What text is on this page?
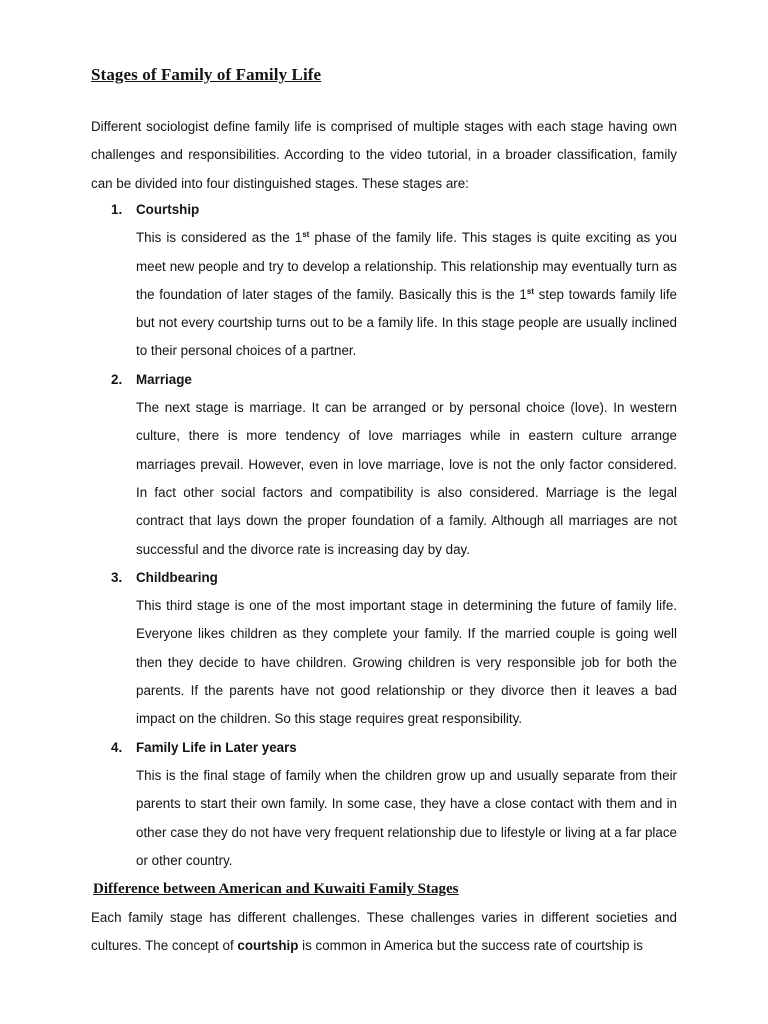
Stages of Family of Family Life

Different sociologist define family life is comprised of multiple stages with each stage having own challenges and responsibilities. According to the video tutorial, in a broader classification, family can be divided into four distinguished stages. These stages are:

1. Courtship

This is considered as the 1st phase of the family life. This stages is quite exciting as you meet new people and try to develop a relationship. This relationship may eventually turn as the foundation of later stages of the family. Basically this is the 1st step towards family life but not every courtship turns out to be a family life. In this stage people are usually inclined to their personal choices of a partner.

2. Marriage

The next stage is marriage. It can be arranged or by personal choice (love). In western culture, there is more tendency of love marriages while in eastern culture arrange marriages prevail. However, even in love marriage, love is not the only factor considered. In fact other social factors and compatibility is also considered. Marriage is the legal contract that lays down the proper foundation of a family. Although all marriages are not successful and the divorce rate is increasing day by day.

3. Childbearing

This third stage is one of the most important stage in determining the future of family life. Everyone likes children as they complete your family. If the married couple is going well then they decide to have children. Growing children is very responsible job for both the parents. If the parents have not good relationship or they divorce then it leaves a bad impact on the children. So this stage requires great responsibility.

4. Family Life in Later years

This is the final stage of family when the children grow up and usually separate from their parents to start their own family. In some case, they have a close contact with them and in other case they do not have very frequent relationship due to lifestyle or living at a far place or other country.

Difference between American and Kuwaiti Family Stages

Each family stage has different challenges. These challenges varies in different societies and cultures. The concept of courtship is common in America but the success rate of courtship is
